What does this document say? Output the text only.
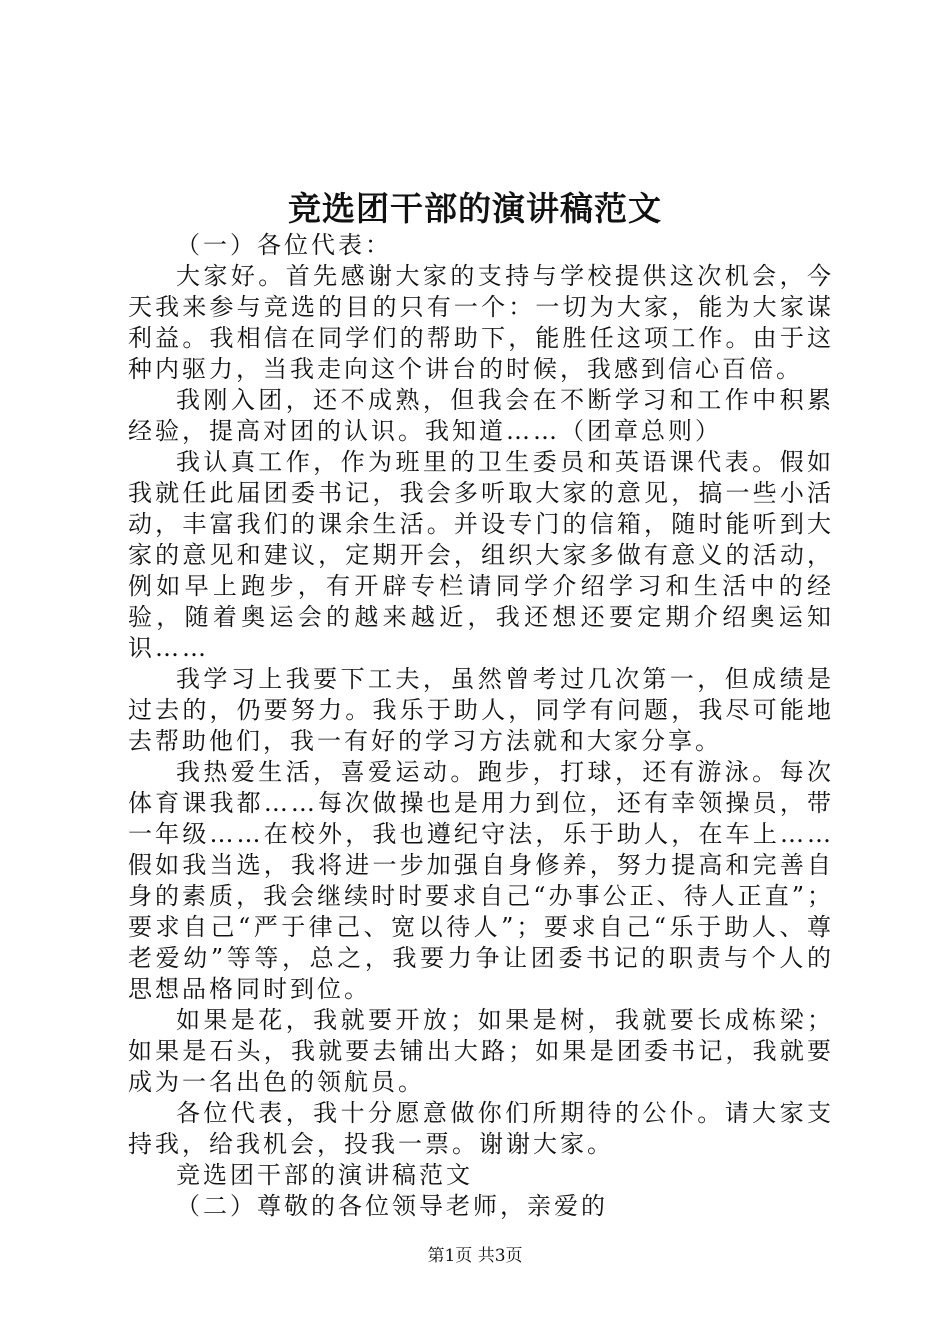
竞选团干部的演讲稿范文

（一）各位代表：

大家好。首先感谢大家的支持与学校提供这次机会，今天我来参与竞选的目的只有一个：一切为大家，能为大家谋利益。我相信在同学们的帮助下，能胜任这项工作。由于这种内驱力，当我走向这个讲台的时候，我感到信心百倍。

我刚入团，还不成熟，但我会在不断学习和工作中积累经验，提高对团的认识。我知道……（团章总则）

我认真工作，作为班里的卫生委员和英语课代表。假如我就任此届团委书记，我会多听取大家的意见，搞一些小活动，丰富我们的课余生活。并设专门的信箱，随时能听到大家的意见和建议，定期开会，组织大家多做有意义的活动，例如早上跑步，有开辟专栏请同学介绍学习和生活中的经验，随着奥运会的越来越近，我还想还要定期介绍奥运知识……

我学习上我要下工夫，虽然曾考过几次第一，但成绩是过去的，仍要努力。我乐于助人，同学有问题，我尽可能地去帮助他们，我一有好的学习方法就和大家分享。

我热爱生活，喜爱运动。跑步，打球，还有游泳。每次体育课我都……每次做操也是用力到位，还有幸领操员，带一年级……在校外，我也遵纪守法，乐于助人，在车上……假如我当选，我将进一步加强自身修养，努力提高和完善自身的素质，我会继续时时要求自己“办事公正、待人正直”；要求自己“严于律己、宽以待人”；要求自己“乐于助人、尊老爱幼”等等，总之，我要力争让团委书记的职责与个人的思想品格同时到位。

如果是花，我就要开放；如果是树，我就要长成栋梁；如果是石头，我就要去铺出大路；如果是团委书记，我就要成为一名出色的领航员。

各位代表，我十分愿意做你们所期待的公仆。请大家支持我，给我机会，投我一票。谢谢大家。

竞选团干部的演讲稿范文

（二）尊敬的各位领导老师，亲爱的

第1页 共3页
